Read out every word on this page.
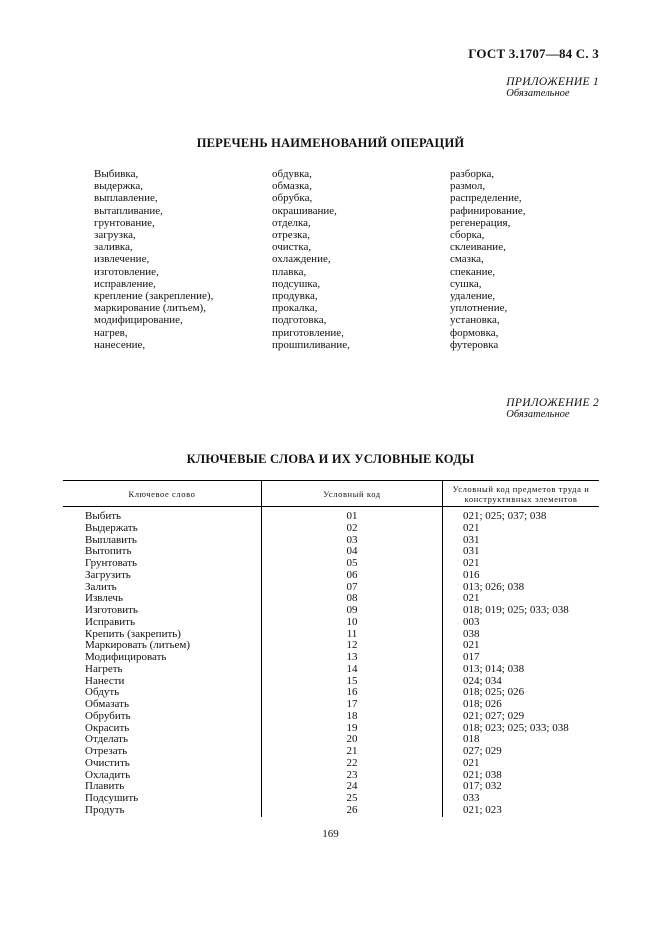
ГОСТ 3.1707—84 С. 3
ПРИЛОЖЕНИЕ 1
Обязательное
ПЕРЕЧЕНЬ НАИМЕНОВАНИЙ ОПЕРАЦИЙ
Выбивка,
выдержка,
выплавление,
вытапливание,
грунтование,
загрузка,
заливка,
извлечение,
изготовление,
исправление,
крепление (закрепление),
маркирование (литьем),
модифицирование,
нагрев,
нанесение,
обдувка,
обмазка,
обрубка,
окрашивание,
отделка,
отрезка,
очистка,
охлаждение,
плавка,
подсушка,
продувка,
прокалка,
подготовка,
приготовление,
прошпиливание,
разборка,
размол,
распределение,
рафинирование,
регенерация,
сборка,
склеивание,
смазка,
спекание,
сушка,
удаление,
уплотнение,
установка,
формовка,
футеровка
ПРИЛОЖЕНИЕ 2
Обязательное
КЛЮЧЕВЫЕ СЛОВА И ИХ УСЛОВНЫЕ КОДЫ
Ключевое слово	Условный код	Условный код предметов труда и конструктивных элементов
Выбить	01	021; 025; 037; 038
Выдержать	02	021
Выплавить	03	031
Вытопить	04	031
Грунтовать	05	021
Загрузить	06	016
Залить	07	013; 026; 038
Извлечь	08	021
Изготовить	09	018; 019; 025; 033; 038
Исправить	10	003
Крепить (закрепить)	11	038
Маркировать (литьем)	12	021
Модифицировать	13	017
Нагреть	14	013; 014; 038
Нанести	15	024; 034
Обдуть	16	018; 025; 026
Обмазать	17	018; 026
Обрубить	18	021; 027; 029
Окрасить	19	018; 023; 025; 033; 038
Отделать	20	018
Отрезать	21	027; 029
Очистить	22	021
Охладить	23	021; 038
Плавить	24	017; 032
Подсушить	25	033
Продуть	26	021; 023
169
